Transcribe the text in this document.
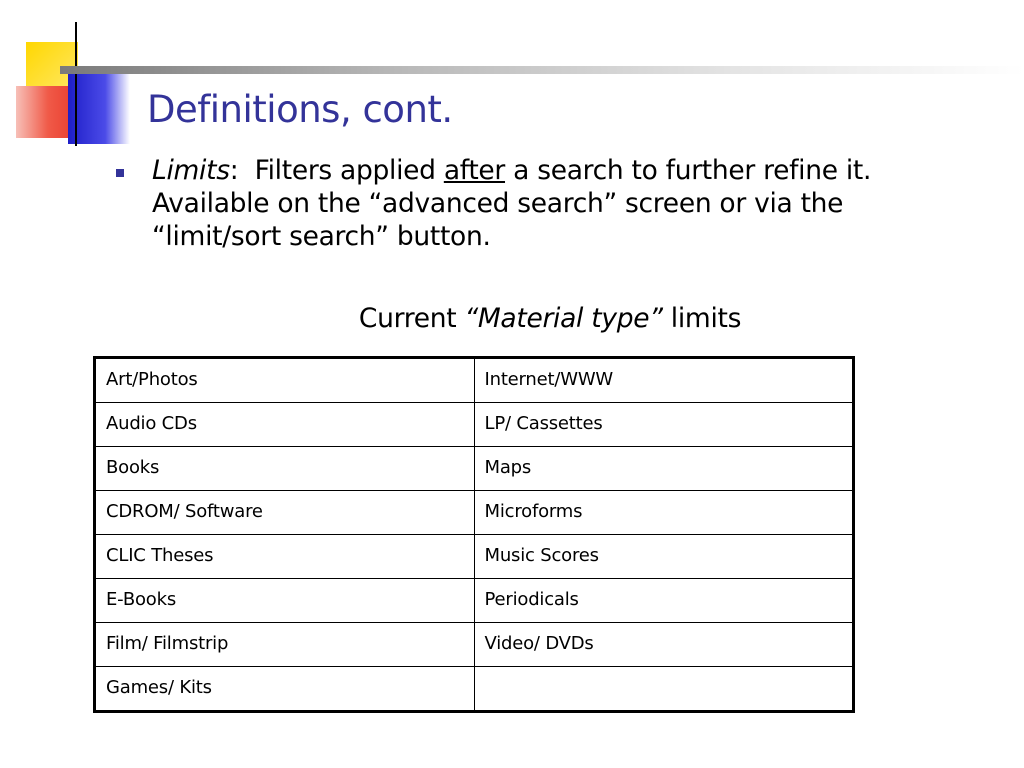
Definitions, cont.
Limits:  Filters applied after a search to further refine it.  Available on the “advanced search” screen or via the “limit/sort search” button.
Current “Material type” limits
Art/Photos	Internet/WWW
Audio CDs	LP/ Cassettes
Books	Maps
CDROM/ Software	Microforms
CLIC Theses	Music Scores
E-Books	Periodicals
Film/ Filmstrip	Video/ DVDs
Games/ Kits	
